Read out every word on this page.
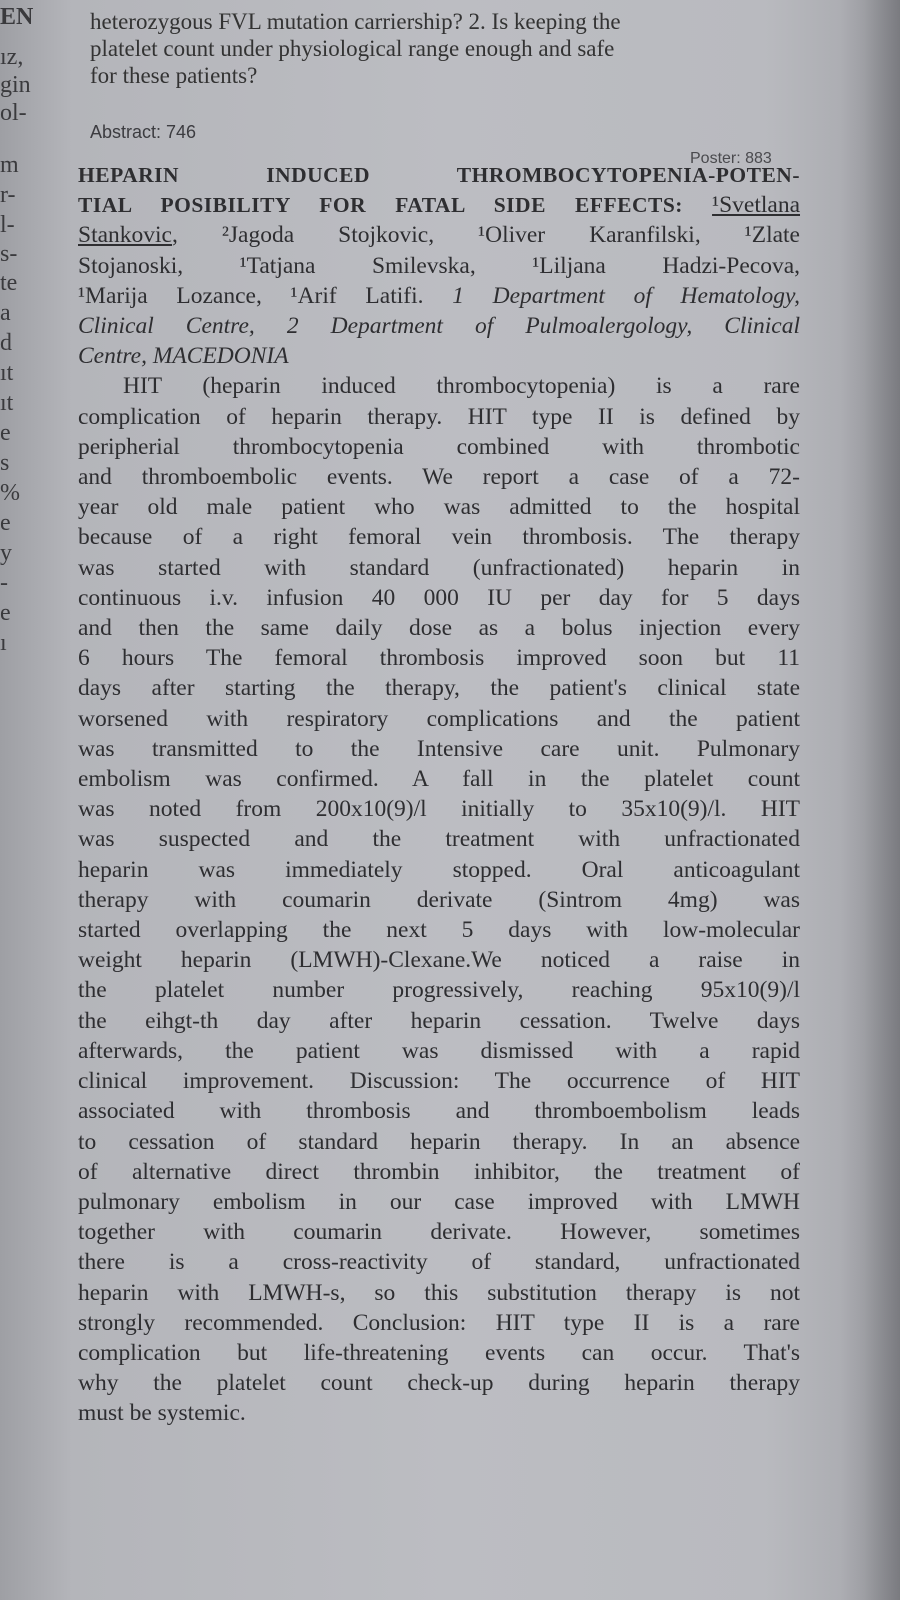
EN
ız,
gin
ol-
m
r-
l-
s-
te
a
d
ıt
ıt
e
s
%
e
y
-
e
ı
heterozygous FVL mutation carriership? 2. Is keeping the
platelet count under physiological range enough and safe
for these patients?
Abstract: 746
Poster: 883
HEPARIN INDUCED THROMBOCYTOPENIA-POTEN-
TIAL POSIBILITY FOR FATAL SIDE EFFECTS: ¹Svetlana
Stankovic, ²Jagoda Stojkovic, ¹Oliver Karanfilski, ¹Zlate
Stojanoski, ¹Tatjana Smilevska, ¹Liljana Hadzi-Pecova,
¹Marija Lozance, ¹Arif Latifi. 1 Department of Hematology,
Clinical Centre, 2 Department of Pulmoalergology, Clinical
Centre, MACEDONIA
HIT (heparin induced thrombocytopenia) is a rare
complication of heparin therapy. HIT type II is defined by
peripherial thrombocytopenia combined with thrombotic
and thromboembolic events. We report a case of a 72-
year old male patient who was admitted to the hospital
because of a right femoral vein thrombosis. The therapy
was started with standard (unfractionated) heparin in
continuous i.v. infusion 40 000 IU per day for 5 days
and then the same daily dose as a bolus injection every
6 hours The femoral thrombosis improved soon but 11
days after starting the therapy, the patient's clinical state
worsened with respiratory complications and the patient
was transmitted to the Intensive care unit. Pulmonary
embolism was confirmed. A fall in the platelet count
was noted from 200x10(9)/l initially to 35x10(9)/l. HIT
was suspected and the treatment with unfractionated
heparin was immediately stopped. Oral anticoagulant
therapy with coumarin derivate (Sintrom 4mg) was
started overlapping the next 5 days with low-molecular
weight heparin (LMWH)-Clexane.We noticed a raise in
the platelet number progressively, reaching 95x10(9)/l
the eihgt-th day after heparin cessation. Twelve days
afterwards, the patient was dismissed with a rapid
clinical improvement. Discussion: The occurrence of HIT
associated with thrombosis and thromboembolism leads
to cessation of standard heparin therapy. In an absence
of alternative direct thrombin inhibitor, the treatment of
pulmonary embolism in our case improved with LMWH
together with coumarin derivate. However, sometimes
there is a cross-reactivity of standard, unfractionated
heparin with LMWH-s, so this substitution therapy is not
strongly recommended. Conclusion: HIT type II is a rare
complication but life-threatening events can occur. That's
why the platelet count check-up during heparin therapy
must be systemic.
